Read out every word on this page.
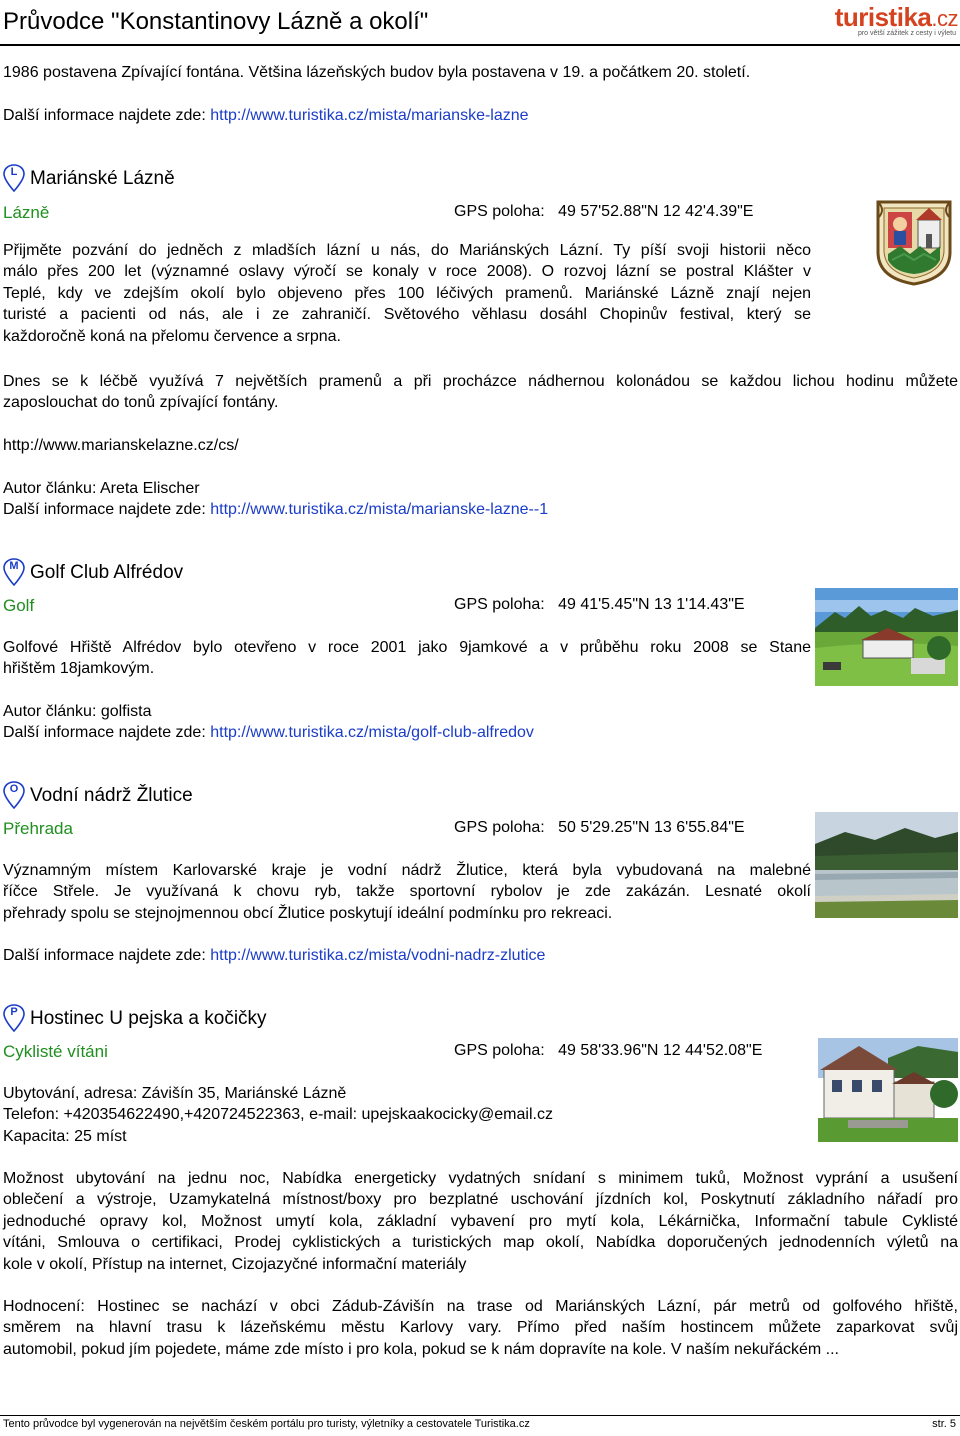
Průvodce "Konstantinovy Lázně a okolí"	turistika.cz
pro větší zážitek z cesty i výletu
1986 postavena Zpívající fontána. Většina lázeňských budov byla postavena v 19. a počátkem 20. století.
Další informace najdete zde: http://www.turistika.cz/mista/marianske-lazne
L Mariánské Lázně
Lázně	GPS poloha: 49 57'52.88"N 12 42'4.39"E
Přijměte pozvání do jedněch z mladších lázní u nás, do Mariánských Lázní. Ty píší svoji historii něco
málo přes 200 let (významné oslavy výročí se konaly v roce 2008). O rozvoj lázní se postral Klášter v
Teplé, kdy ve zdejším okolí bylo objeveno přes 100 léčivých pramenů. Mariánské Lázně znají nejen
turisté a pacienti od nás, ale i ze zahraničí. Světového věhlasu dosáhl Chopinův festival, který se
každoročně koná na přelomu července a srpna.
Dnes se k léčbě využívá 7 největších pramenů a při procházce nádhernou kolonádou se každou lichou hodinu můžete
zaposlouchat do tonů zpívající fontány.
http://www.marianskelazne.cz/cs/
Autor článku: Areta Elischer
Další informace najdete zde: http://www.turistika.cz/mista/marianske-lazne--1
M Golf Club Alfrédov
Golf	GPS poloha: 49 41'5.45"N 13 1'14.43"E
Golfové Hřiště Alfrédov bylo otevřeno v roce 2001 jako 9jamkové a v průběhu roku 2008 se Stane
hřištěm 18jamkovým.
Autor článku: golfista
Další informace najdete zde: http://www.turistika.cz/mista/golf-club-alfredov
O Vodní nádrž Žlutice
Přehrada	GPS poloha: 50 5'29.25"N 13 6'55.84"E
Významným místem Karlovarské kraje je vodní nádrž Žlutice, která byla vybudovaná na malebné
říčce Střele. Je využívaná k chovu ryb, takže sportovní rybolov je zde zakázán. Lesnaté okolí
přehrady spolu se stejnojmennou obcí Žlutice poskytují ideální podmínku pro rekreaci.
Další informace najdete zde: http://www.turistika.cz/mista/vodni-nadrz-zlutice
P Hostinec U pejska a kočičky
Cyklisté vítáni	GPS poloha: 49 58'33.96"N 12 44'52.08"E
Ubytování, adresa: Závišín 35, Mariánské Lázně
Telefon: +420354622490,+420724522363, e-mail: upejskaakocicky@email.cz
Kapacita: 25 míst
Možnost ubytování na jednu noc, Nabídka energeticky vydatných snídaní s minimem tuků, Možnost vyprání a usušení
oblečení a výstroje, Uzamykatelná místnost/boxy pro bezplatné uschování jízdních kol, Poskytnutí základního nářadí pro
jednoduché opravy kol, Možnost umytí kola, základní vybavení pro mytí kola, Lékárnička, Informační tabule Cyklisté
vítáni, Smlouva o certifikaci, Prodej cyklistických a turistických map okolí, Nabídka doporučených jednodenních výletů na
kole v okolí, Přístup na internet, Cizojazyčné informační materiály
Hodnocení: Hostinec se nachází v obci Zádub-Závišín na trase od Mariánských Lázní, pár metrů od golfového hřiště,
směrem na hlavní trasu k lázeňskému městu Karlovy vary. Přímo před naším hostincem můžete zaparkovat svůj
automobil, pokud jím pojedete, máme zde místo i pro kola, pokud se k nám dopravíte na kole. V naším nekuřáckém ...
Tento průvodce byl vygenerován na největším českém portálu pro turisty, výletníky a cestovatele Turistika.cz	str. 5
